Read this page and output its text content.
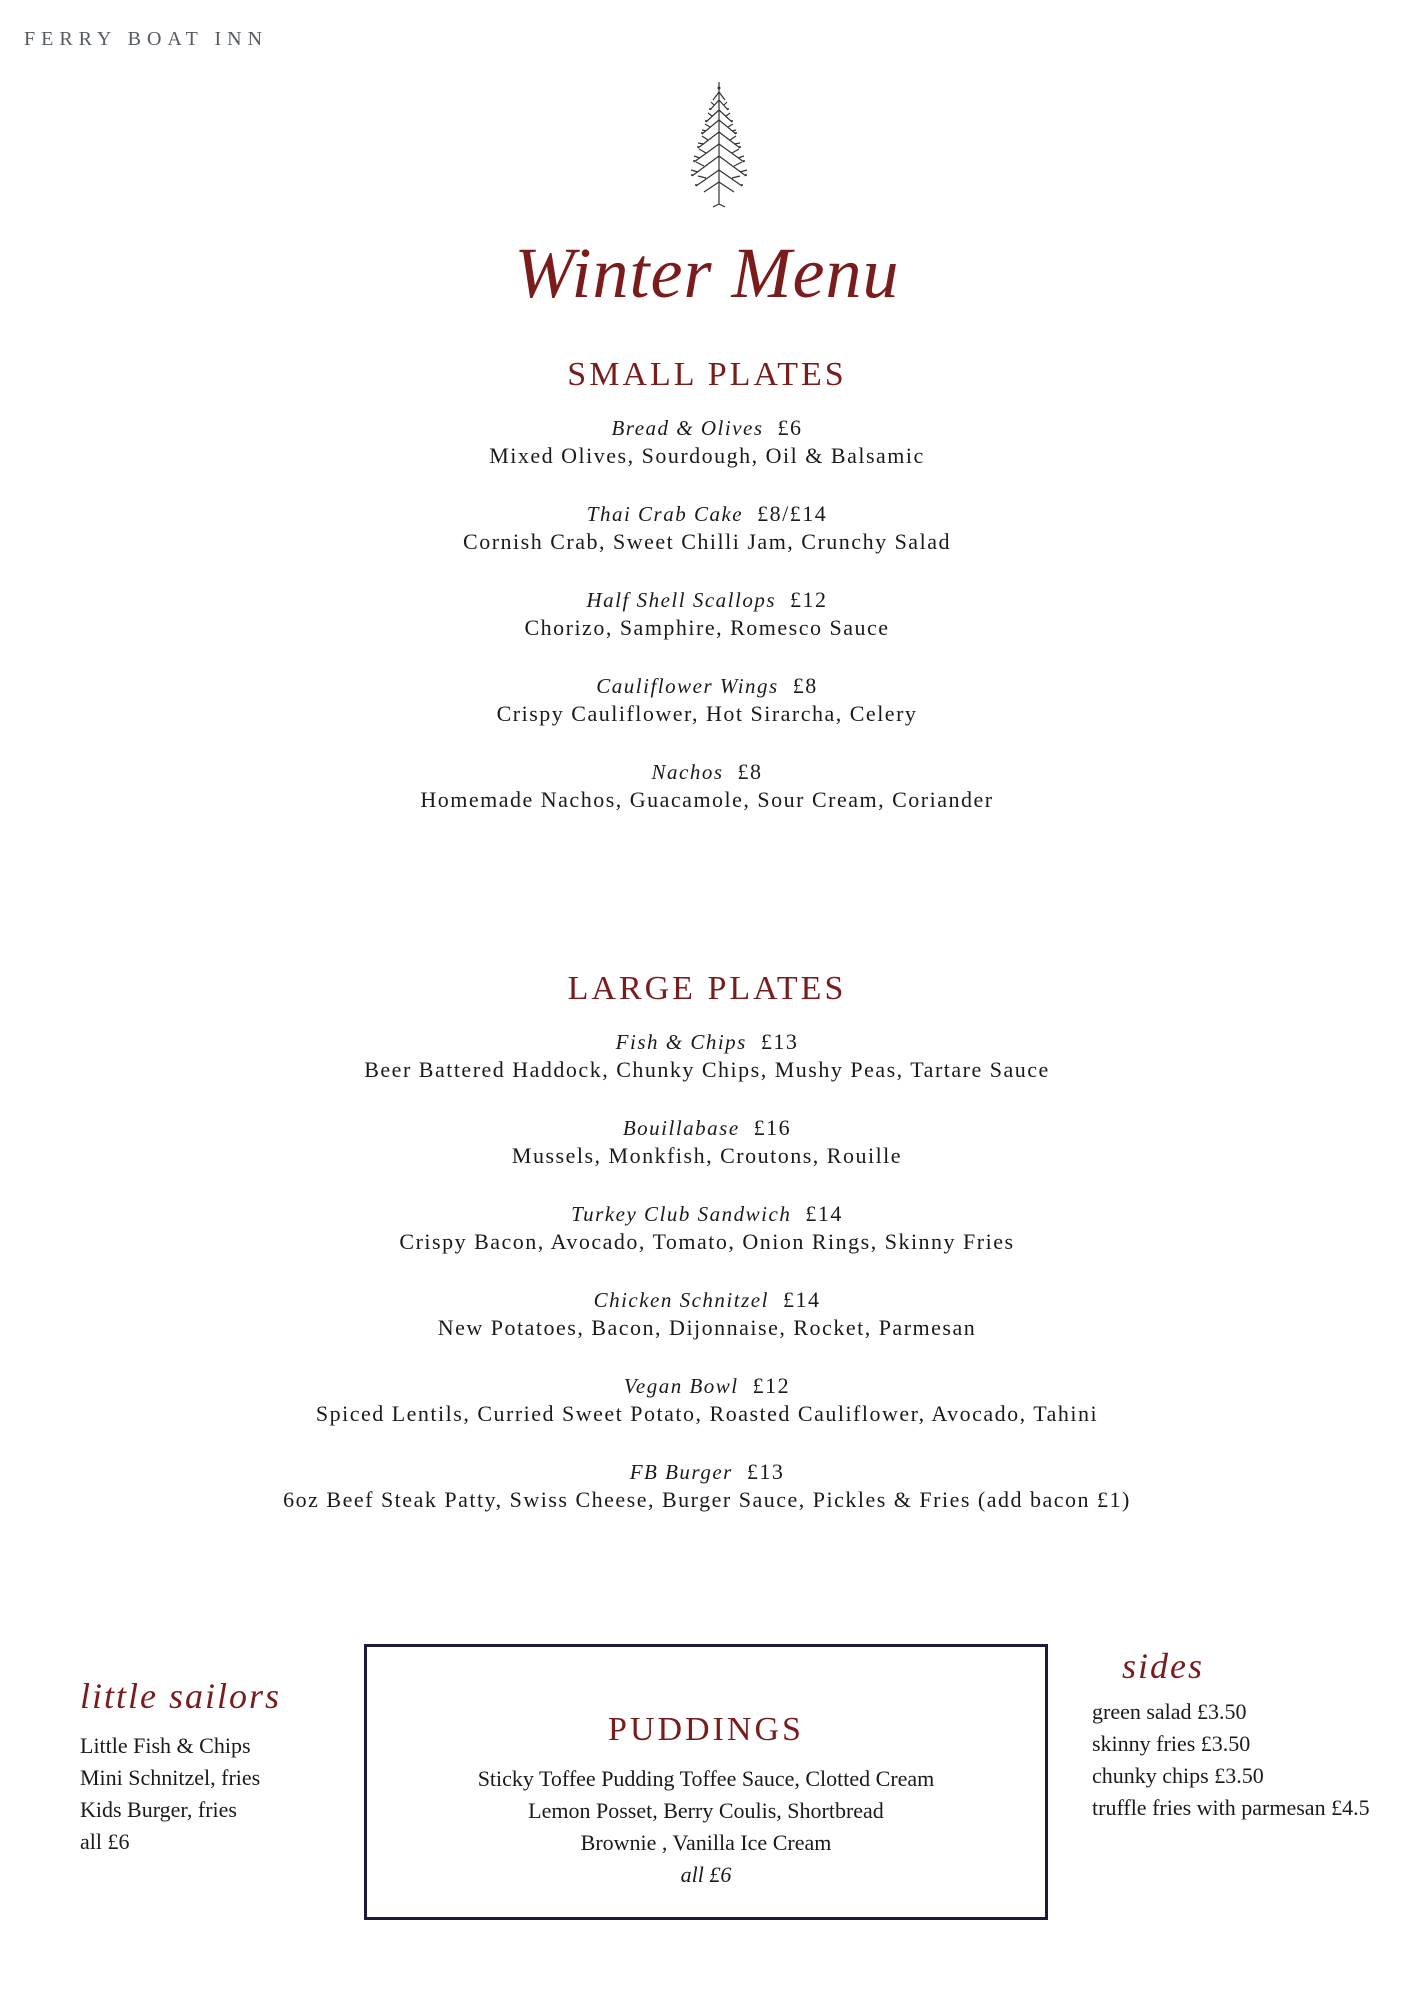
FERRY BOAT INN
Winter Menu
SMALL PLATES
Bread & Olives £6
Mixed Olives, Sourdough, Oil & Balsamic
Thai Crab Cake £8/£14
Cornish Crab, Sweet Chilli Jam, Crunchy Salad
Half Shell Scallops £12
Chorizo, Samphire, Romesco Sauce
Cauliflower Wings £8
Crispy Cauliflower, Hot Sirarcha, Celery
Nachos £8
Homemade Nachos, Guacamole, Sour Cream, Coriander
LARGE PLATES
Fish & Chips £13
Beer Battered Haddock, Chunky Chips, Mushy Peas, Tartare Sauce
Bouillabase £16
Mussels, Monkfish, Croutons, Rouille
Turkey Club Sandwich £14
Crispy Bacon, Avocado, Tomato, Onion Rings, Skinny Fries
Chicken Schnitzel £14
New Potatoes, Bacon, Dijonnaise, Rocket, Parmesan
Vegan Bowl £12
Spiced Lentils, Curried Sweet Potato, Roasted Cauliflower, Avocado, Tahini
FB Burger £13
6oz Beef Steak Patty, Swiss Cheese, Burger Sauce, Pickles & Fries (add bacon £1)
little sailors
Little Fish & Chips
Mini Schnitzel, fries
Kids Burger, fries
all £6
PUDDINGS
Sticky Toffee Pudding Toffee Sauce, Clotted Cream
Lemon Posset, Berry Coulis, Shortbread
Brownie , Vanilla Ice Cream
all £6
sides
green salad £3.50
skinny fries £3.50
chunky chips £3.50
truffle fries with parmesan £4.5
